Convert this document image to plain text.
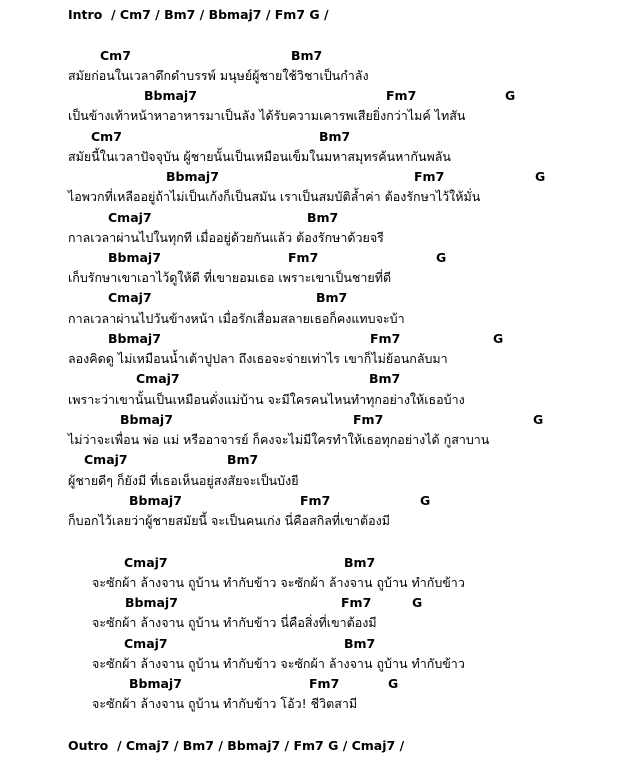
Intro  / Cm7 / Bm7 / Bbmaj7 / Fm7 G /

Cm7

	Bm7

สมัยก่อนในเวลาดึกดำบรรพ์ มนุษย์ผู้ชายใช้วิชาเป็นกำลัง

Bbmaj7

	Fm7

	G

เป็นข้างเท้าหน้าหาอาหารมาเป็นลัง ได้รับความเคารพเสียยิ่งกว่าไมค์ ไทสัน

Cm7

	Bm7

สมัยนี้ในเวลาปัจจุบัน ผู้ชายนั้นเป็นเหมือนเข็มในมหาสมุทรค้นหากันพลัน

Bbmaj7

	Fm7

	G

ไอพวกที่เหลืออยู่ถ้าไม่เป็นเก้งก็เป็นสมัน เราเป็นสมบัติล้ำค่า ต้องรักษาไว้ให้มั่น

Cmaj7

	Bm7

กาลเวลาผ่านไปในทุกที เมื่ออยู่ด้วยกันแล้ว ต้องรักษาด้วยจรี

Bbmaj7

	Fm7

	G

เก็บรักษาเขาเอาไว้ดูให้ดี ที่เขายอมเธอ เพราะเขาเป็นชายที่ดี

Cmaj7

	Bm7

กาลเวลาผ่านไปวันข้างหน้า เมื่อรักเสื่อมสลายเธอก็คงแทบจะบ้า

Bbmaj7

	Fm7

	G

ลองคิดดู ไม่เหมือนน้ำเต้าปูปลา ถึงเธอจะจ่ายเท่าไร เขาก็ไม่ย้อนกลับมา

Cmaj7

	Bm7

เพราะว่าเขานั้นเป็นเหมือนดั่งแม่บ้าน จะมีใครคนไหนทำทุกอย่างให้เธอบ้าง

Bbmaj7

	Fm7

	G

ไม่ว่าจะเพื่อน พ่อ แม่ หรืออาจารย์ ก็คงจะไม่มีใครทำให้เธอทุกอย่างได้ กูสาบาน

Cmaj7

	Bm7

ผู้ชายดีๆ ก็ยังมี ที่เธอเห็นอยู่สงสัยจะเป็นบังยี

Bbmaj7

	Fm7

	G

ก็บอกไว้เลยว่าผู้ชายสมัยนี้ จะเป็นคนเก่ง นี่คือสกิลที่เขาต้องมี

Cmaj7

	Bm7

จะซักผ้า ล้างจาน ถูบ้าน ทำกับข้าว จะซักผ้า ล้างจาน ถูบ้าน ทำกับข้าว

Bbmaj7

	Fm7

	G

จะซักผ้า ล้างจาน ถูบ้าน ทำกับข้าว นี่คือสิ่งที่เขาต้องมี

Cmaj7

	Bm7

จะซักผ้า ล้างจาน ถูบ้าน ทำกับข้าว จะซักผ้า ล้างจาน ถูบ้าน ทำกับข้าว

Bbmaj7

	Fm7

	G

จะซักผ้า ล้างจาน ถูบ้าน ทำกับข้าว โอ้ว! ชีวิตสามี
Outro  / Cmaj7 / Bm7 / Bbmaj7 / Fm7 G / Cmaj7 /
